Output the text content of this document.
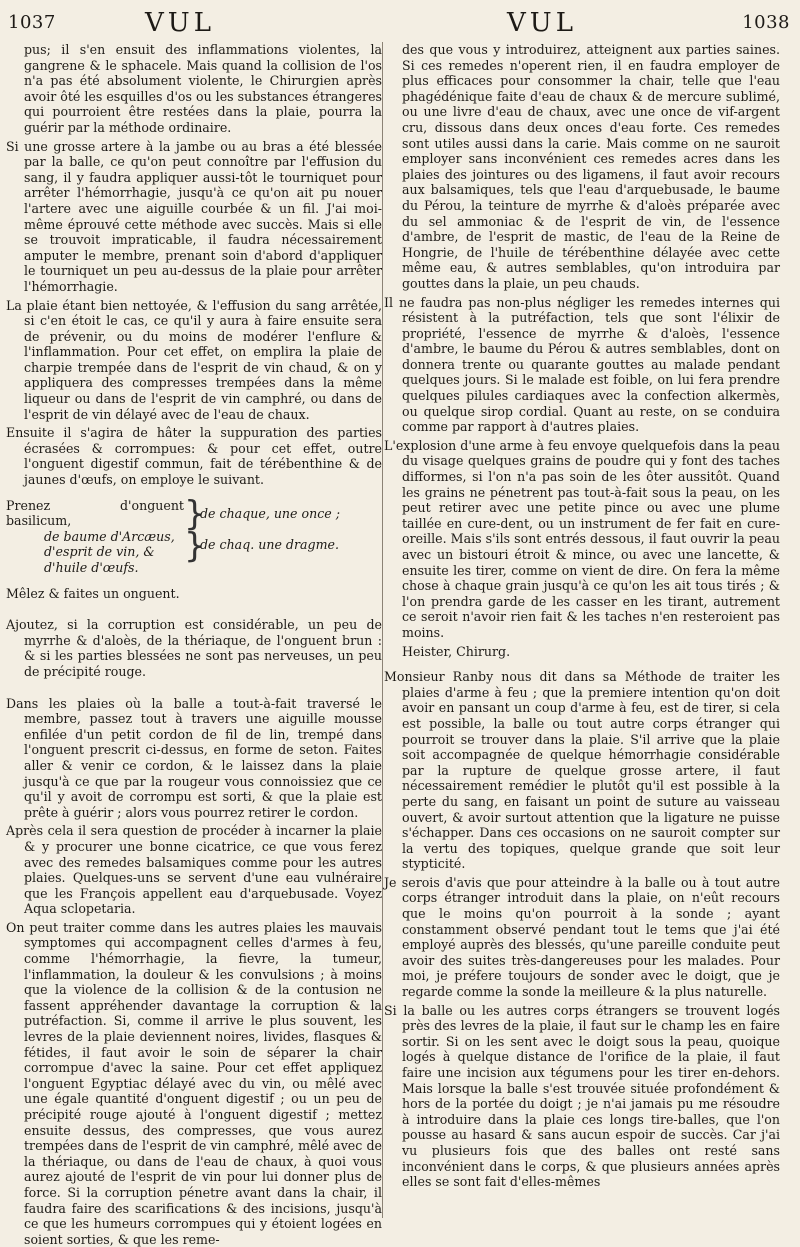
1037	VUL	VUL	1038

pus; il s'en ensuit des inflammations violentes, la gangrene & le sphacele. Mais quand la collision de l'os n'a pas été absolument violente, le Chirurgien après avoir ôté les esquilles d'os ou les substances étrangeres qui pourroient être restées dans la plaie, pourra la guérir par la méthode ordinaire.

Si une grosse artere à la jambe ou au bras a été blessée par la balle, ce qu'on peut connoître par l'effusion du sang, il y faudra appliquer aussi-tôt le tourniquet pour arrêter l'hémorrhagie, jusqu'à ce qu'on ait pu nouer l'artere avec une aiguille courbée & un fil. J'ai moi-même éprouvé cette méthode avec succès. Mais si elle se trouvoit impraticable, il faudra nécessairement amputer le membre, prenant soin d'abord d'appliquer le tourniquet un peu au-dessus de la plaie pour arrêter l'hémorrhagie.

La plaie étant bien nettoyée, & l'effusion du sang arrêtée, si c'en étoit le cas, ce qu'il y aura à faire ensuite sera de prévenir, ou du moins de modérer l'enflure & l'inflammation. Pour cet effet, on emplira la plaie de charpie trempée dans de l'esprit de vin chaud, & on y appliquera des compresses trempées dans la même liqueur ou dans de l'esprit de vin camphré, ou dans de l'esprit de vin délayé avec de l'eau de chaux.

Ensuite il s'agira de hâter la suppuration des parties écrasées & corrompues: & pour cet effet, outre l'onguent digestif commun, fait de térébenthine & de jaunes d'œufs, on employe le suivant.

Prenez d'onguent basilicum,
de baume d'Arcæus,
d'esprit de vin, &
d'huile d'œufs.
}
}
de chaque, une once ;
de chaq. une dragme.

Mêlez & faites un onguent.

Ajoutez, si la corruption est considérable, un peu de myrrhe & d'aloès, de la thériaque, de l'onguent brun : & si les parties blessées ne sont pas nerveuses, un peu de précipité rouge.

Dans les plaies où la balle a tout-à-fait traversé le membre, passez tout à travers une aiguille mousse enfilée d'un petit cordon de fil de lin, trempé dans l'onguent prescrit ci-dessus, en forme de seton. Faites aller & venir ce cordon, & le laissez dans la plaie jusqu'à ce que par la rougeur vous connoissiez que ce qu'il y avoit de corrompu est sorti, & que la plaie est prête à guérir ; alors vous pourrez retirer le cordon.

Après cela il sera question de procéder à incarner la plaie & y procurer une bonne cicatrice, ce que vous ferez avec des remedes balsamiques comme pour les autres plaies. Quelques-uns se servent d'une eau vulnéraire que les François appellent eau d'arquebusade. Voyez Aqua sclopetaria.

On peut traiter comme dans les autres plaies les mauvais symptomes qui accompagnent celles d'armes à feu, comme l'hémorrhagie, la fievre, la tumeur, l'inflammation, la douleur & les convulsions ; à moins que la violence de la collision & de la contusion ne fassent appréhender davantage la corruption & la putréfaction. Si, comme il arrive le plus souvent, les levres de la plaie deviennent noires, livides, flasques & fétides, il faut avoir le soin de séparer la chair corrompue d'avec la saine. Pour cet effet appliquez l'onguent Egyptiac délayé avec du vin, ou mêlé avec une égale quantité d'onguent digestif ; ou un peu de précipité rouge ajouté à l'onguent digestif ; mettez ensuite dessus, des compresses, que vous aurez trempées dans de l'esprit de vin camphré, mêlé avec de la thériaque, ou dans de l'eau de chaux, à quoi vous aurez ajouté de l'esprit de vin pour lui donner plus de force. Si la corruption pénetre avant dans la chair, il faudra faire des scarifications & des incisions, jusqu'à ce que les humeurs corrompues qui y étoient logées en soient sorties, & que les reme-

des que vous y introduirez, atteignent aux parties saines. Si ces remedes n'operent rien, il en faudra employer de plus efficaces pour consommer la chair, telle que l'eau phagédénique faite d'eau de chaux & de mercure sublimé, ou une livre d'eau de chaux, avec une once de vif-argent cru, dissous dans deux onces d'eau forte. Ces remedes sont utiles aussi dans la carie. Mais comme on ne sauroit employer sans inconvénient ces remedes acres dans les plaies des jointures ou des ligamens, il faut avoir recours aux balsamiques, tels que l'eau d'arquebusade, le baume du Pérou, la teinture de myrrhe & d'aloès préparée avec du sel ammoniac & de l'esprit de vin, de l'essence d'ambre, de l'esprit de mastic, de l'eau de la Reine de Hongrie, de l'huile de térébenthine délayée avec cette même eau, & autres semblables, qu'on introduira par gouttes dans la plaie, un peu chauds.

Il ne faudra pas non-plus négliger les remedes internes qui résistent à la putréfaction, tels que sont l'élixir de propriété, l'essence de myrrhe & d'aloès, l'essence d'ambre, le baume du Pérou & autres semblables, dont on donnera trente ou quarante gouttes au malade pendant quelques jours. Si le malade est foible, on lui fera prendre quelques pilules cardiaques avec la confection alkermès, ou quelque sirop cordial. Quant au reste, on se conduira comme par rapport à d'autres plaies.

L'explosion d'une arme à feu envoye quelquefois dans la peau du visage quelques grains de poudre qui y font des taches difformes, si l'on n'a pas soin de les ôter aussitôt. Quand les grains ne pénetrent pas tout-à-fait sous la peau, on les peut retirer avec une petite pince ou avec une plume taillée en cure-dent, ou un instrument de fer fait en cure-oreille. Mais s'ils sont entrés dessous, il faut ouvrir la peau avec un bistouri étroit & mince, ou avec une lancette, & ensuite les tirer, comme on vient de dire. On fera la même chose à chaque grain jusqu'à ce qu'on les ait tous tirés ; & l'on prendra garde de les casser en les tirant, autrement ce seroit n'avoir rien fait & les taches n'en resteroient pas moins.

Heister, Chirurg.

Monsieur Ranby nous dit dans sa Méthode de traiter les plaies d'arme à feu ; que la premiere intention qu'on doit avoir en pansant un coup d'arme à feu, est de tirer, si cela est possible, la balle ou tout autre corps étranger qui pourroit se trouver dans la plaie. S'il arrive que la plaie soit accompagnée de quelque hémorrhagie considérable par la rupture de quelque grosse artere, il faut nécessairement remédier le plutôt qu'il est possible à la perte du sang, en faisant un point de suture au vaisseau ouvert, & avoir surtout attention que la ligature ne puisse s'échapper. Dans ces occasions on ne sauroit compter sur la vertu des topiques, quelque grande que soit leur stypticité.

Je serois d'avis que pour atteindre à la balle ou à tout autre corps étranger introduit dans la plaie, on n'eût recours que le moins qu'on pourroit à la sonde ; ayant constamment observé pendant tout le tems que j'ai été employé auprès des blessés, qu'une pareille conduite peut avoir des suites très-dangereuses pour les malades. Pour moi, je préfere toujours de sonder avec le doigt, que je regarde comme la sonde la meilleure & la plus naturelle.

Si la balle ou les autres corps étrangers se trouvent logés près des levres de la plaie, il faut sur le champ les en faire sortir. Si on les sent avec le doigt sous la peau, quoique logés à quelque distance de l'orifice de la plaie, il faut faire une incision aux tégumens pour les tirer en-dehors. Mais lorsque la balle s'est trouvée située profondément & hors de la portée du doigt ; je n'ai jamais pu me résoudre à introduire dans la plaie ces longs tire-balles, que l'on pousse au hasard & sans aucun espoir de succès. Car j'ai vu plusieurs fois que des balles ont resté sans inconvénient dans le corps, & que plusieurs années après elles se sont fait d'elles-mêmes
